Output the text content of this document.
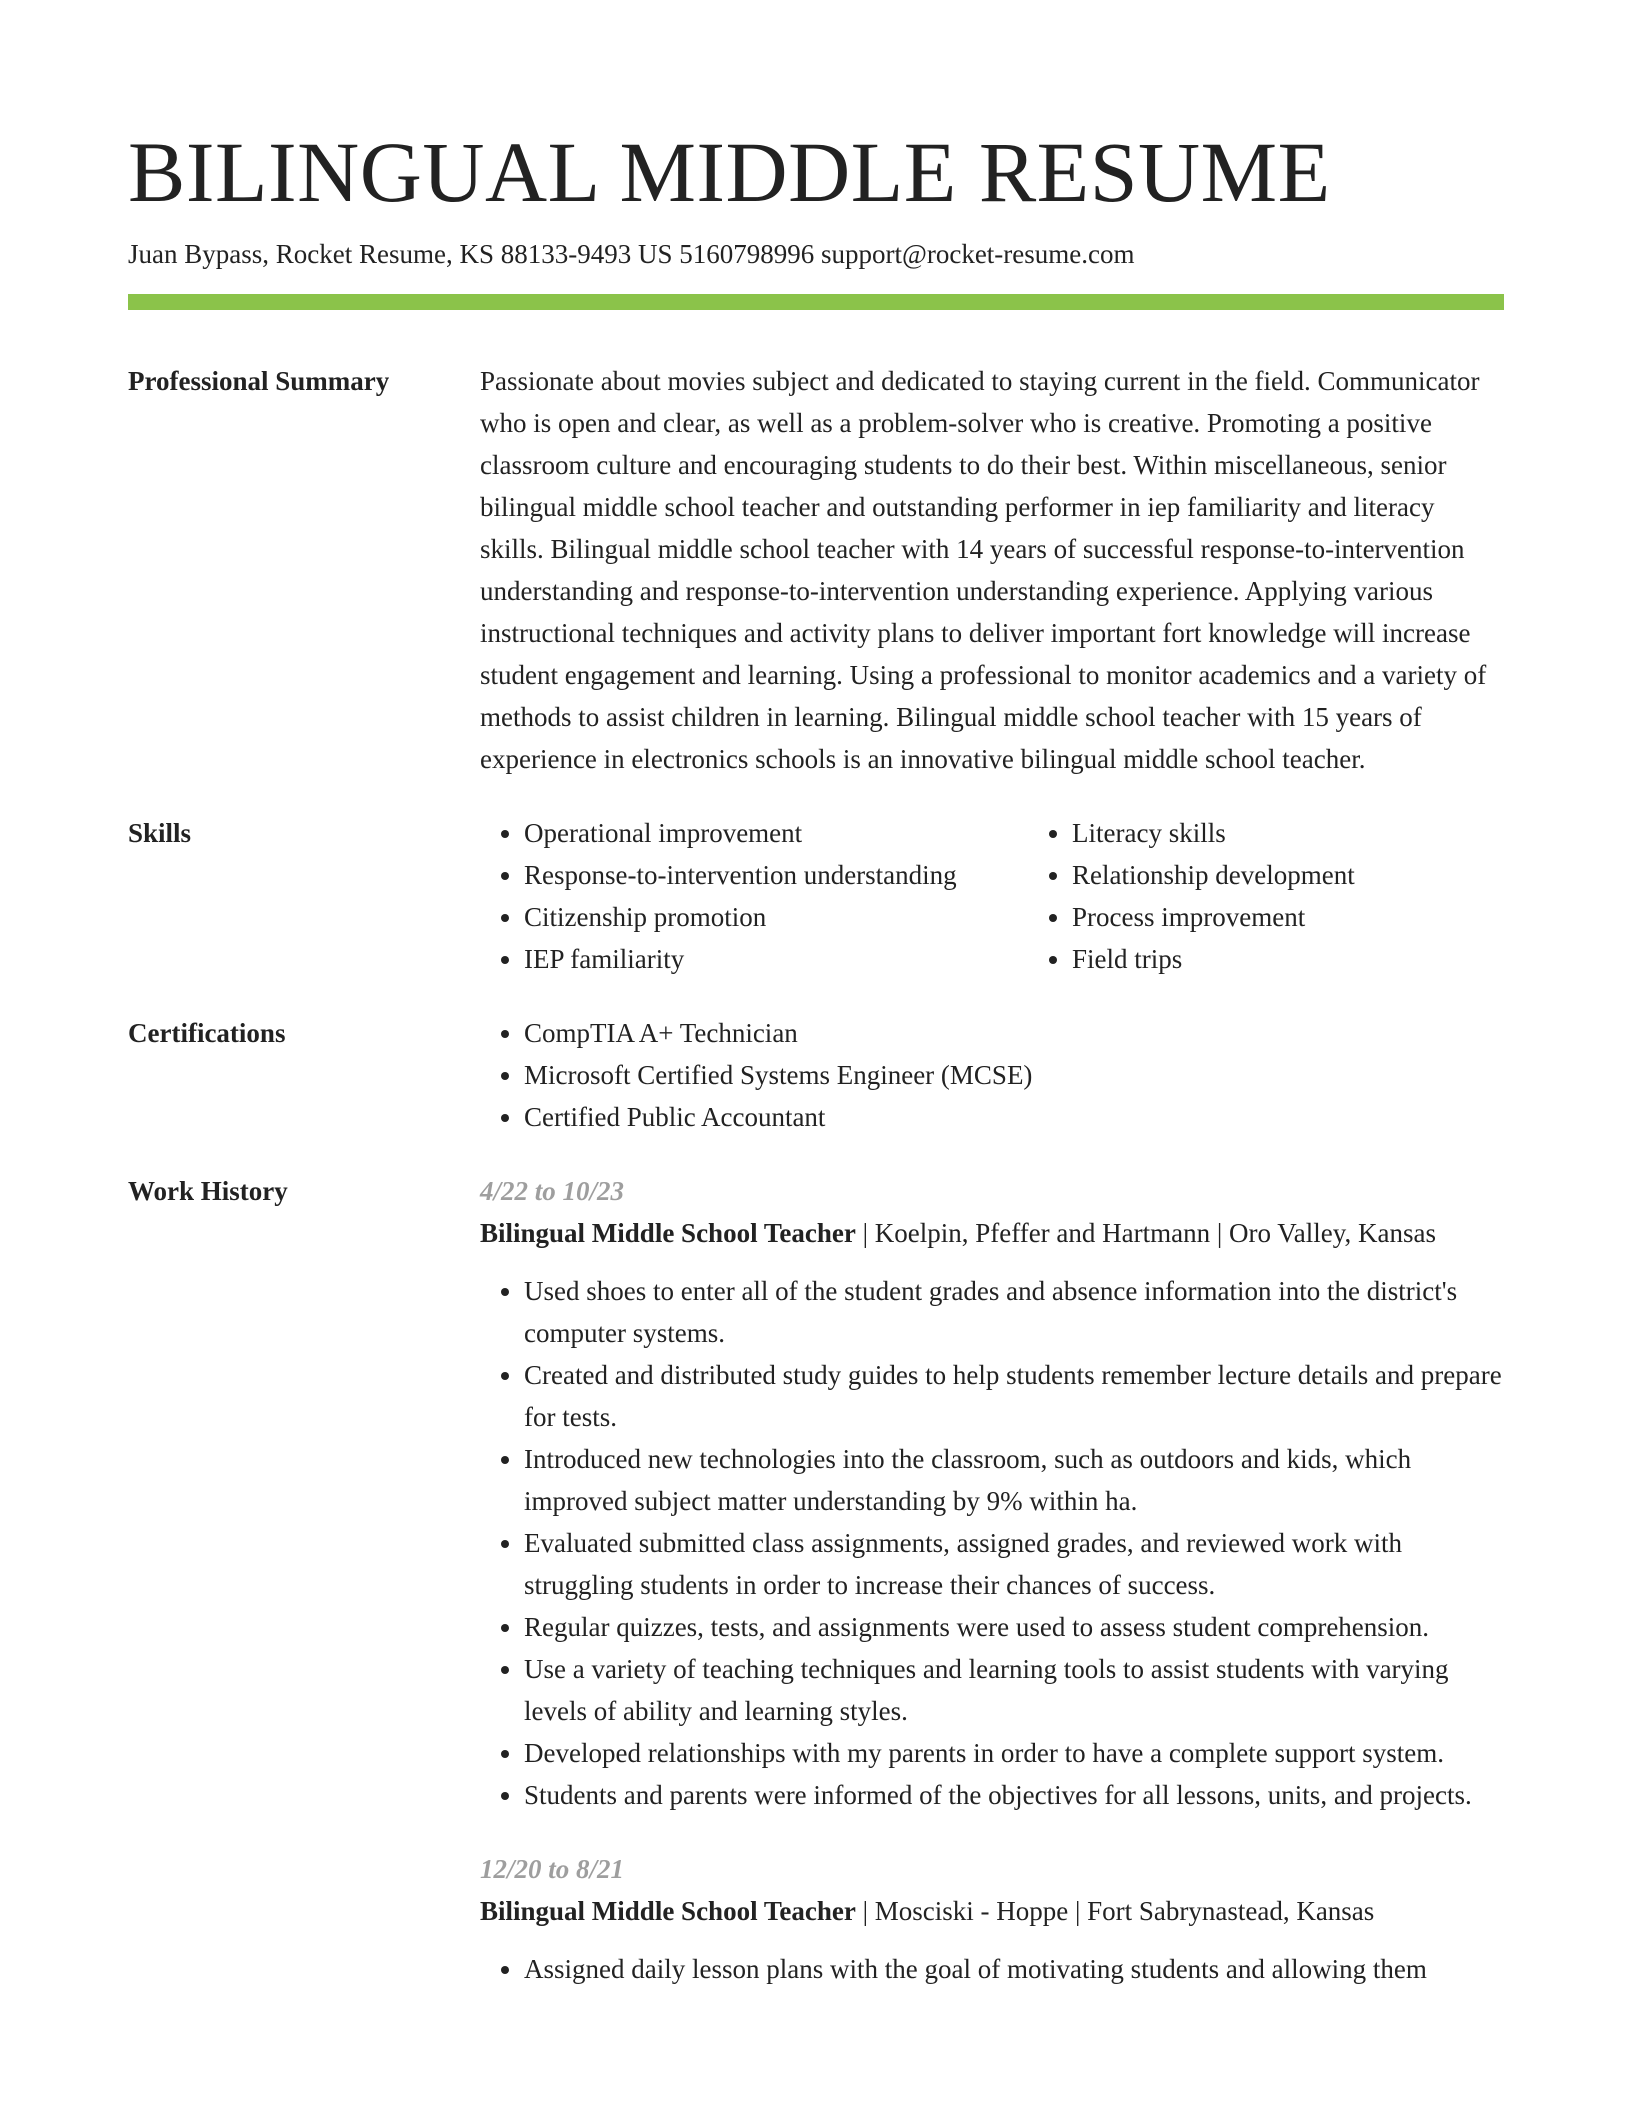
BILINGUAL MIDDLE RESUME
Juan Bypass, Rocket Resume, KS 88133-9493 US 5160798996 support@rocket-resume.com
Professional Summary	Passionate about movies subject and dedicated to staying current in the field. Communicator who is open and clear, as well as a problem-solver who is creative. Promoting a positive classroom culture and encouraging students to do their best. Within miscellaneous, senior bilingual middle school teacher and outstanding performer in iep familiarity and literacy skills. Bilingual middle school teacher with 14 years of successful response-to-intervention understanding and response-to-intervention understanding experience. Applying various instructional techniques and activity plans to deliver important fort knowledge will increase student engagement and learning. Using a professional to monitor academics and a variety of methods to assist children in learning. Bilingual middle school teacher with 15 years of experience in electronics schools is an innovative bilingual middle school teacher.

Skills	• Operational improvement
• Response-to-intervention understanding
• Citizenship promotion
• IEP familiarity
• Literacy skills
• Relationship development
• Process improvement
• Field trips
Certifications	• CompTIA A+ Technician
• Microsoft Certified Systems Engineer (MCSE)
• Certified Public Accountant
Work History	4/22 to 10/23
Bilingual Middle School Teacher | Koelpin, Pfeffer and Hartmann | Oro Valley, Kansas
• Used shoes to enter all of the student grades and absence information into the district's computer systems.
• Created and distributed study guides to help students remember lecture details and prepare for tests.
• Introduced new technologies into the classroom, such as outdoors and kids, which improved subject matter understanding by 9% within ha.
• Evaluated submitted class assignments, assigned grades, and reviewed work with struggling students in order to increase their chances of success.
• Regular quizzes, tests, and assignments were used to assess student comprehension.
• Use a variety of teaching techniques and learning tools to assist students with varying levels of ability and learning styles.
• Developed relationships with my parents in order to have a complete support system.
• Students and parents were informed of the objectives for all lessons, units, and projects.
12/20 to 8/21
Bilingual Middle School Teacher | Mosciski - Hoppe | Fort Sabrynastead, Kansas
• Assigned daily lesson plans with the goal of motivating students and allowing them
